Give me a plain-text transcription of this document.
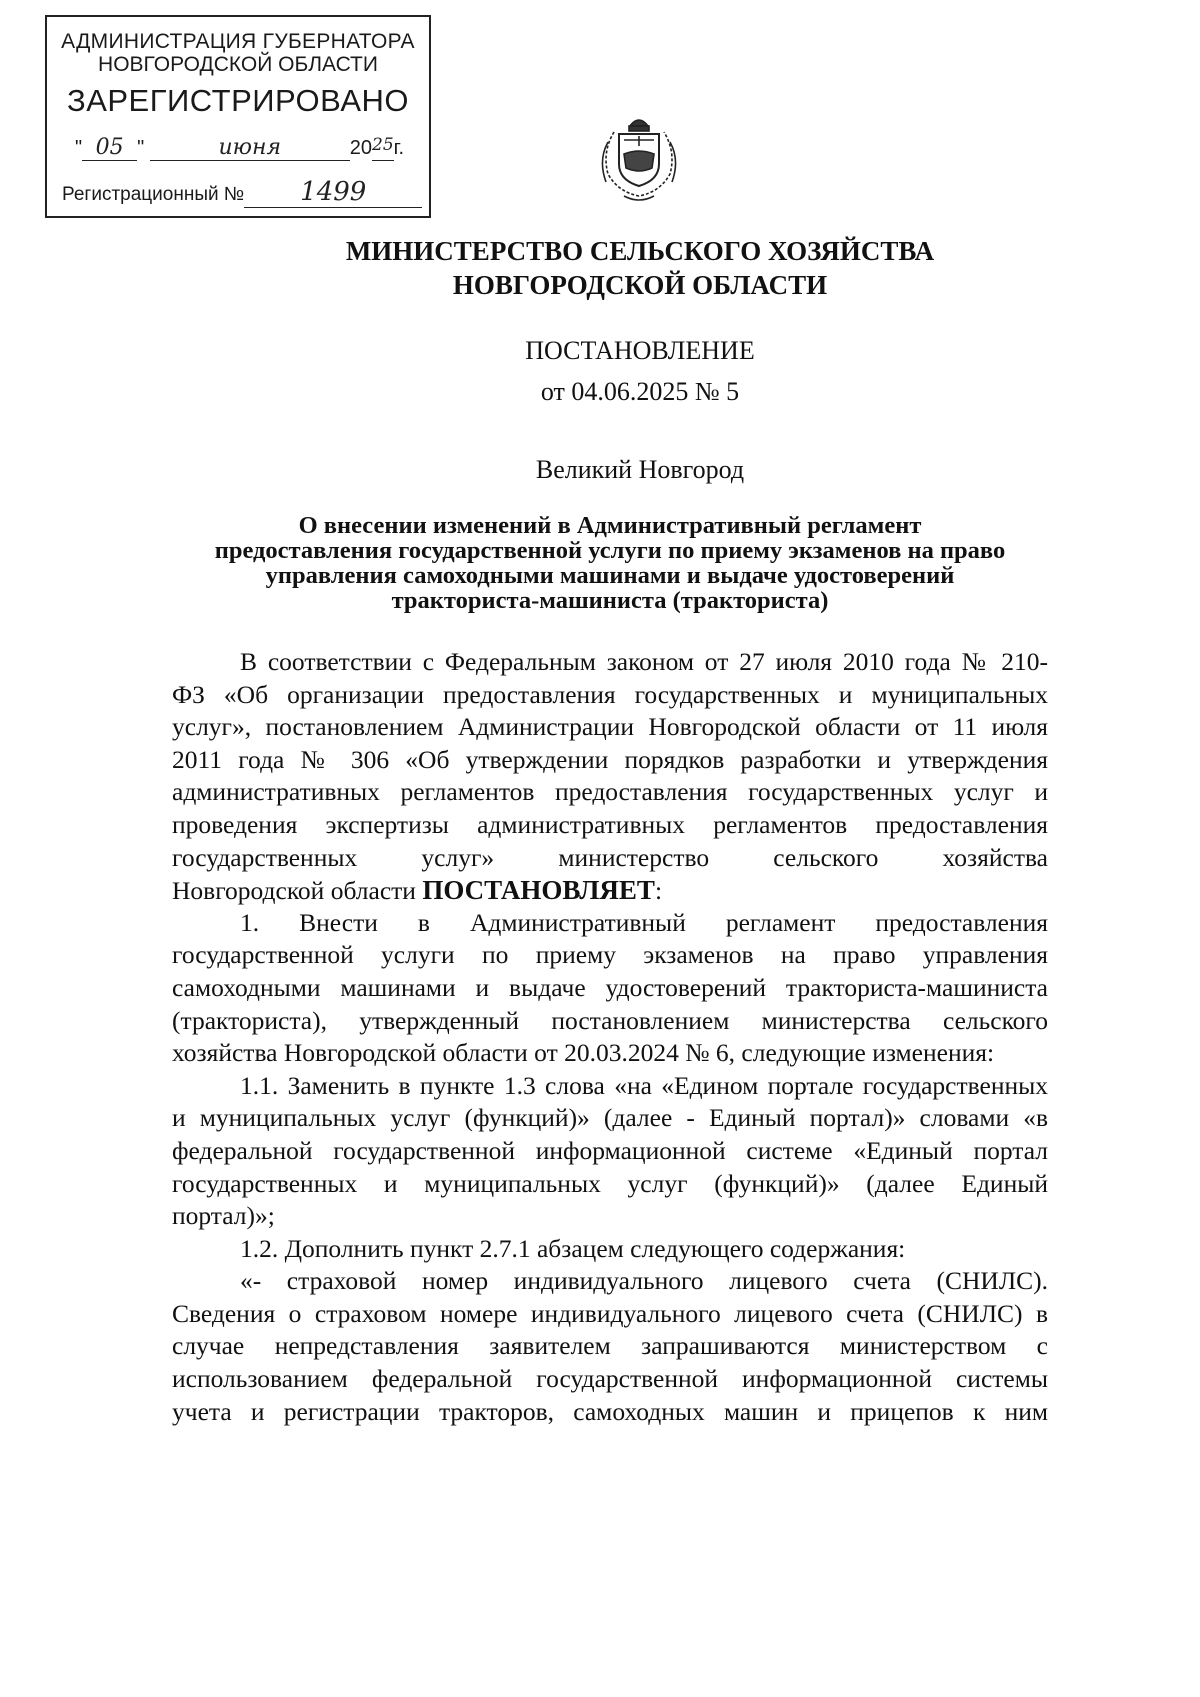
АДМИНИСТРАЦИЯ ГУБЕРНАТОРА
НОВГОРОДСКОЙ ОБЛАСТИ
ЗАРЕГИСТРИРОВАНО
" 05 "	июня	$20^{25}г$.
Регистрационный № 1499
МИНИСТЕРСТВО СЕЛЬСКОГО ХОЗЯЙСТВА
НОВГОРОДСКОЙ ОБЛАСТИ
ПОСТАНОВЛЕНИЕ
от 04.06.2025 № 5
Великий Новгород
О внесении изменений в Административный регламент
предоставления государственной услуги по приему экзаменов на право
управления самоходными машинами и выдаче удостоверений
тракториста-машиниста (тракториста)
В соответствии с Федеральным законом от 27 июля 2010 года № 210-
ФЗ «Об организации предоставления государственных и муниципальных
услуг», постановлением Администрации Новгородской области от 11 июля
2011 года № 306 «Об утверждении порядков разработки и утверждения
административных регламентов предоставления государственных услуг и
проведения экспертизы административных регламентов предоставления
государственных услуг» министерство сельского хозяйства
Новгородской области ПОСТАНОВЛЯЕТ:
1. Внести в Административный регламент предоставления
государственной услуги по приему экзаменов на право управления
самоходными машинами и выдаче удостоверений тракториста-машиниста
(тракториста), утвержденный постановлением министерства сельского
хозяйства Новгородской области от 20.03.2024 № 6, следующие изменения:
1.1. Заменить в пункте 1.3 слова «на «Едином портале государственных
и муниципальных услуг (функций)» (далее - Единый портал)» словами «в
федеральной государственной информационной системе «Единый портал
государственных и муниципальных услуг (функций)» (далее Единый
портал)»;
1.2. Дополнить пункт 2.7.1 абзацем следующего содержания:
«- страховой номер индивидуального лицевого счета (СНИЛС).
Сведения о страховом номере индивидуального лицевого счета (СНИЛС) в
случае непредставления заявителем запрашиваются министерством с
использованием федеральной государственной информационной системы
учета и регистрации тракторов, самоходных машин и прицепов к ним
